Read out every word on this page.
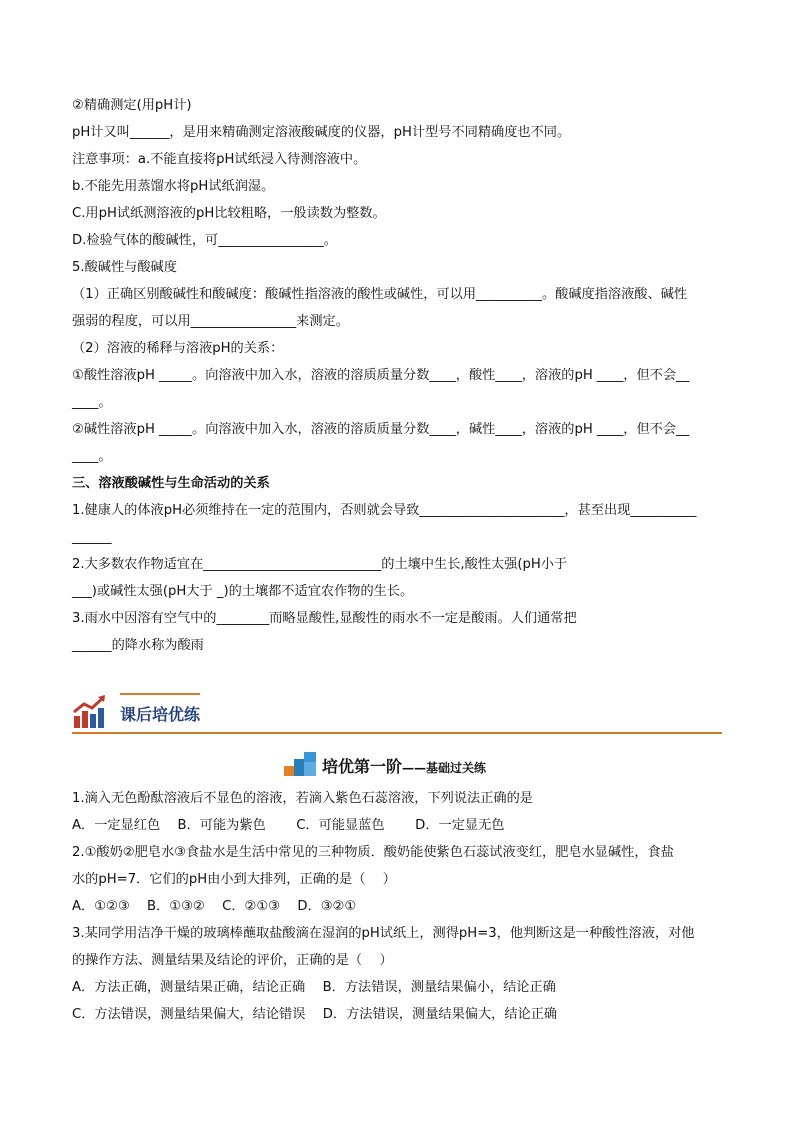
②精确测定(用pH计)
pH计又叫______，是用来精确测定溶液酸碱度的仪器，pH计型号不同精确度也不同。
注意事项：a.不能直接将pH试纸浸入待测溶液中。
b.不能先用蒸馏水将pH试纸润湿。
C.用pH试纸测溶液的pH比较粗略，一般读数为整数。
D.检验气体的酸碱性，可________________。
5.酸碱性与酸碱度
（1）正确区别酸碱性和酸碱度：酸碱性指溶液的酸性或碱性，可以用__________。酸碱度指溶液酸、碱性
强弱的程度，可以用________________来测定。
（2）溶液的稀释与溶液pH的关系：
①酸性溶液pH _____。向溶液中加入水，溶液的溶质质量分数____，酸性____，溶液的pH ____，但不会__
____。
②碱性溶液pH _____。向溶液中加入水，溶液的溶质质量分数____，碱性____，溶液的pH ____，但不会__
____。
三、溶液酸碱性与生命活动的关系
1.健康人的体液pH必须维持在一定的范围内，否则就会导致______________________，甚至出现__________
______
2.大多数农作物适宜在___________________________的土壤中生长,酸性太强(pH小于
___)或碱性太强(pH大于 _)的土壤都不适宜农作物的生长。
3.雨水中因溶有空气中的________而略显酸性,显酸性的雨水不一定是酸雨。人们通常把
______的降水称为酸雨
课后培优练
培优第一阶——基础过关练
1.滴入无色酚酞溶液后不显色的溶液，若滴入紫色石蕊溶液，下列说法正确的是
A．一定显红色　 B．可能为紫色　　 C．可能显蓝色　　 D．一定显无色
2.①酸奶②肥皂水③食盐水是生活中常见的三种物质．酸奶能使紫色石蕊试液变红，肥皂水显碱性，食盐
水的pH=7．它们的pH由小到大排列，正确的是（　 ）
A．①②③　 B．①③②　 C．②①③　 D．③②①
3.某同学用洁净干燥的玻璃棒蘸取盐酸滴在湿润的pH试纸上，测得pH=3，他判断这是一种酸性溶液，对他
的操作方法、测量结果及结论的评价，正确的是（　 ）
A．方法正确，测量结果正确，结论正确　 B．方法错误，测量结果偏小，结论正确
C．方法错误，测量结果偏大，结论错误　 D．方法错误，测量结果偏大，结论正确
